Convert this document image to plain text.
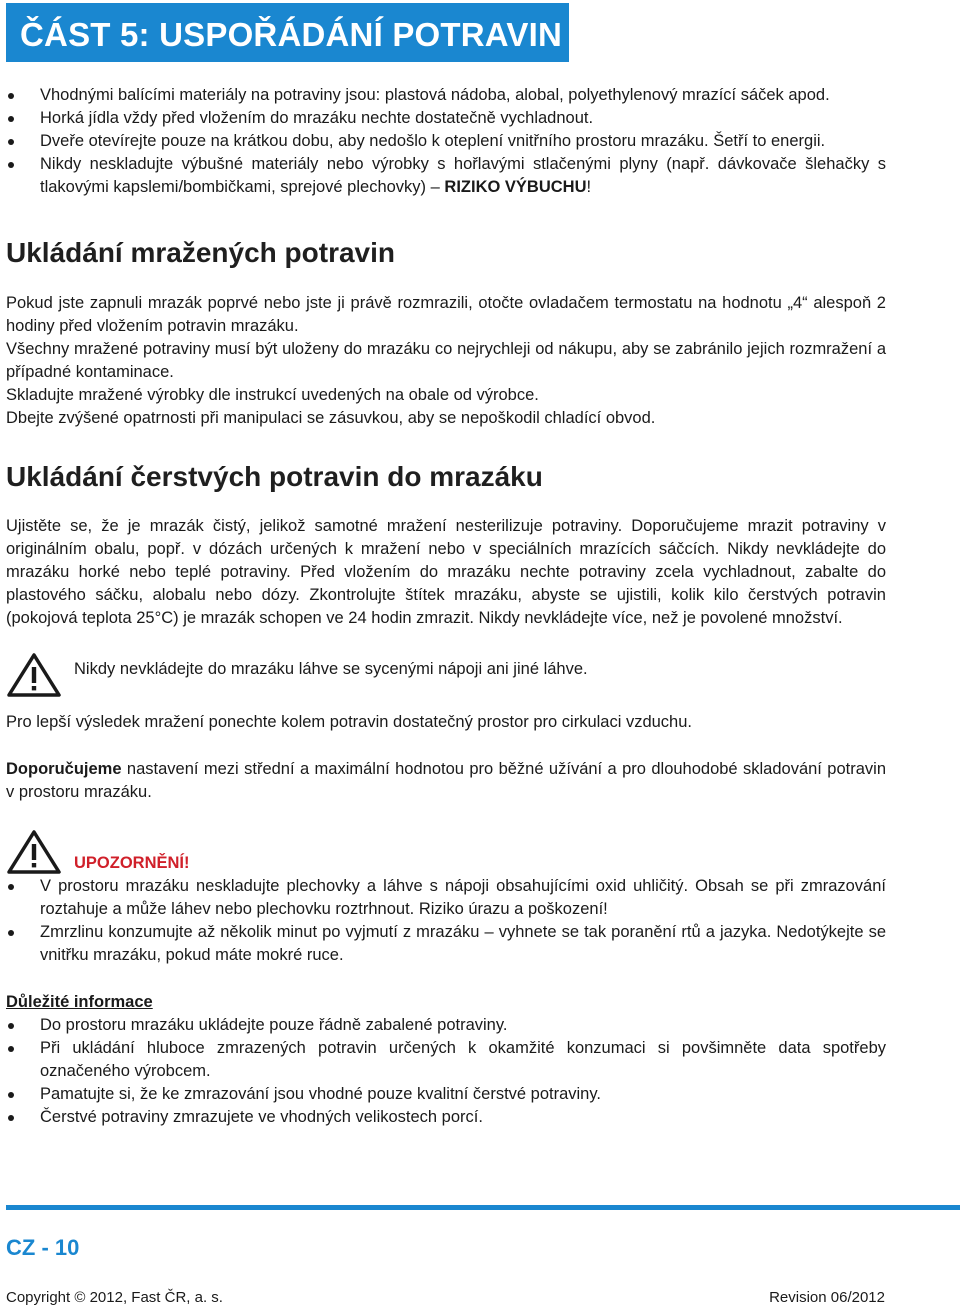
ČÁST 5: USPOŘÁDÁNÍ POTRAVIN
Vhodnými balícími materiály na potraviny jsou: plastová nádoba, alobal, polyethylenový mrazící sáček apod.
Horká jídla vždy před vložením do mrazáku nechte dostatečně vychladnout.
Dveře otevírejte pouze na krátkou dobu, aby nedošlo k oteplení vnitřního prostoru mrazáku. Šetří to energii.
Nikdy neskladujte výbušné materiály nebo výrobky s hořlavými stlačenými plyny (např. dávkovače šlehačky s tlakovými kapslemi/bombičkami, sprejové plechovky) – RIZIKO VÝBUCHU!
Ukládání mražených potravin

Pokud jste zapnuli mrazák poprvé nebo jste ji právě rozmrazili, otočte ovladačem termostatu na hodnotu „4“ alespoň 2 hodiny před vložením potravin mrazáku.

Všechny mražené potraviny musí být uloženy do mrazáku co nejrychleji od nákupu, aby se zabránilo jejich rozmražení a případné kontaminace.

Skladujte mražené výrobky dle instrukcí uvedených na obale od výrobce.

Dbejte zvýšené opatrnosti při manipulaci se zásuvkou, aby se nepoškodil chladící obvod.

Ukládání čerstvých potravin do mrazáku

Ujistěte se, že je mrazák čistý, jelikož samotné mražení nesterilizuje potraviny. Doporučujeme mrazit potraviny v originálním obalu, popř. v dózách určených k mražení nebo v speciálních mrazících sáčcích. Nikdy nevkládejte do mrazáku horké nebo teplé potraviny. Před vložením do mrazáku nechte potraviny zcela vychladnout, zabalte do plastového sáčku, alobalu nebo dózy. Zkontrolujte štítek mrazáku, abyste se ujistili, kolik kilo čerstvých potravin (pokojová teplota 25°C) je mrazák schopen ve 24 hodin zmrazit. Nikdy nevkládejte více, než je povolené množství.

Nikdy nevkládejte do mrazáku láhve se sycenými nápoji ani jiné láhve.

Pro lepší výsledek mražení ponechte kolem potravin dostatečný prostor pro cirkulaci vzduchu.

Doporučujeme nastavení mezi střední a maximální hodnotou pro běžné užívání a pro dlouhodobé skladování potravin v prostoru mrazáku.

UPOZORNĚNÍ!
V prostoru mrazáku neskladujte plechovky a láhve s nápoji obsahujícími oxid uhličitý. Obsah se při zmrazování roztahuje a může láhev nebo plechovku roztrhnout. Riziko úrazu a poškození!
Zmrzlinu konzumujte až několik minut po vyjmutí z mrazáku – vyhnete se tak poranění rtů a jazyka. Nedotýkejte se vnitřku mrazáku, pokud máte mokré ruce.

Důležité informace

Do prostoru mrazáku ukládejte pouze řádně zabalené potraviny.
Při ukládání hluboce zmrazených potravin určených k okamžité konzumaci si povšimněte data spotřeby označeného výrobcem.
Pamatujte si, že ke zmrazování jsou vhodné pouze kvalitní čerstvé potraviny.
Čerstvé potraviny zmrazujete ve vhodných velikostech porcí.
CZ - 10
Copyright © 2012, Fast ČR, a. s.	Revision 06/2012
